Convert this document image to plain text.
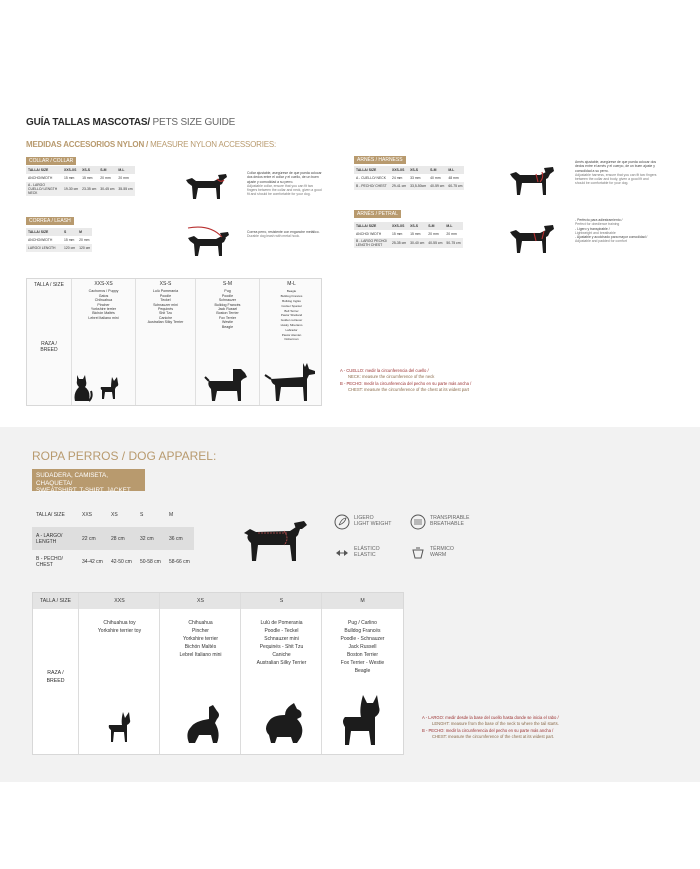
GUÍA TALLAS MASCOTAS/ PETS SIZE GUIDE
MEDIDAS ACCESORIOS NYLON / MEASURE NYLON ACCESSORIES:
COLLAR / COLLAR
TALLA/ SIZE	XXS-XS	XS-S	S-M	M-L
ANCHO/WIDTH	15 mm	15 mm	20 mm	20 mm
A - LARGO CUELLO/ LENGTH NECK	19-30 cm	23-35 cm	30-45 cm	35-55 cm
Collar ajustable, asegúrese de que pueda colocar dos dedos entre el collar y el cuello, de un buen ajuste y comodidad a su perro.
Adjustable collar, ensure that you can fit two fingers between the collar and neck, given a good fit and should be comfortable for your dog.
CORREA / LEASH
TALLA/ SIZE	S	M
ANCHO/WIDTH	15 mm	20 mm
LARGO/ LENGTH	120 cm	120 cm
Correa perro, resistente con enganche metálico.
Durable dog leash with metal hook.
ARNÉS / HARNESS
TALLA/ SIZE	XXS-XS	XS-S	S-M	M-L
A - CUELLO/ NECK	24 mm	33 mm	40 mm	48 mm
B - PECHO/ CHEST	29-41 cm	33,5-50cm	40-59 cm	60-75 cm
Arnés ajustable, asegúrese de que pueda colocar dos dedos entre el arnés y el cuerpo, de un buen ajuste y comodidad a su perro.
Adjustable harness, ensure that you can fit two fingers between the collar and body, given a good fit and should be comfortable for your dog.
ARNÉS / PETRAL
TALLA/ SIZE	XXS-XS	XS-S	S-M	M-L
ANCHO/ WIDTH	15 mm	15 mm	20 mm	20 mm
B - LARGO PECHO/ LENGTH CHEST	25-35 cm	30-40 cm	40-55 cm	50-75 cm
- Perfecto para adiestramiento /
Perfect for obedience training
- Ligero y transpirable /
Lightweight and breathable
- Ajustable y acolchado para mayor comodidad /
Adjustable and padded for comfort
TALLA / SIZE
RAZA /
BREED
XXS-XS
Cachorros / Puppy
Gatos
Chihuahua
Pincher
Yorkshire terrier
Bichón Maltés
Lebrel Italiano mini
XS-S
Lulú Pomerania
Poodle
Teckel
Schnauzer mini
Pequinés
Shit Tzu
Caniche
Australian Silky Terrier
S-M
Pug
Poodle
Schnauzer
Bulldog Francés
Jack Russel
Boston Terrier
Fox Terrier
Westie
Beagle
M-L
Beagle
Bulldog Francés
Bulldog Inglés
Cocker Spaniel
Bull Terrier
Pastor Shetland
Golden retriever
Husky Siberiano
Labrador
Pastor Alemán
Doberman
A - CUELLO: medir la circunferencia del cuello /
NECK: measure the circumference of the neck
B - PECHO: medir la circunferencia del pecho en su parte más ancha /
CHEST: measure the circumference of the chest at its widest part
ROPA PERROS / DOG APPAREL:
SUDADERA, CAMISETA, CHAQUETA/
SWEATSHIRT, T-SHIRT, JACKET
TALLA/ SIZE	XXS	XS	S	M
A - LARGO/ LENGTH	22 cm	28 cm	32 cm	36 cm
B - PECHO/ CHEST	34-42 cm	42-50 cm	50-58 cm	58-66 cm
LIGERO
LIGHT WEIGHT
TRANSPIRABLE
BREATHABLE
ELÁSTICO
ELASTIC
TÉRMICO
WARM
TALLA / SIZE
RAZA /
BREED
XXS
Chihuahua toy
Yorkshire terrier toy
XS
Chihuahua
Pincher
Yorkshire terrier
Bichón Maltés
Lebrel Italiano mini
S
Lulú de Pomerania
Poodle - Teckel
Schnauzer mini
Pequinés - Shit Tzu
Caniche
Australian Silky Terrier
M
Pug / Carlino
Bulldog Francés
Poodle - Schnauzer
Jack Russell
Boston Terrier
Fox Terrier - Westie
Beagle
A - LARGO: medir desde la base del cuello hasta donde se inicia el rabo /
LENGHT: measure from the base of the neck to where the tail starts.
B - PECHO: medir la circunferencia del pecho en su parte más ancha /
CHEST: measure the circumference of the chest at its widest part.
